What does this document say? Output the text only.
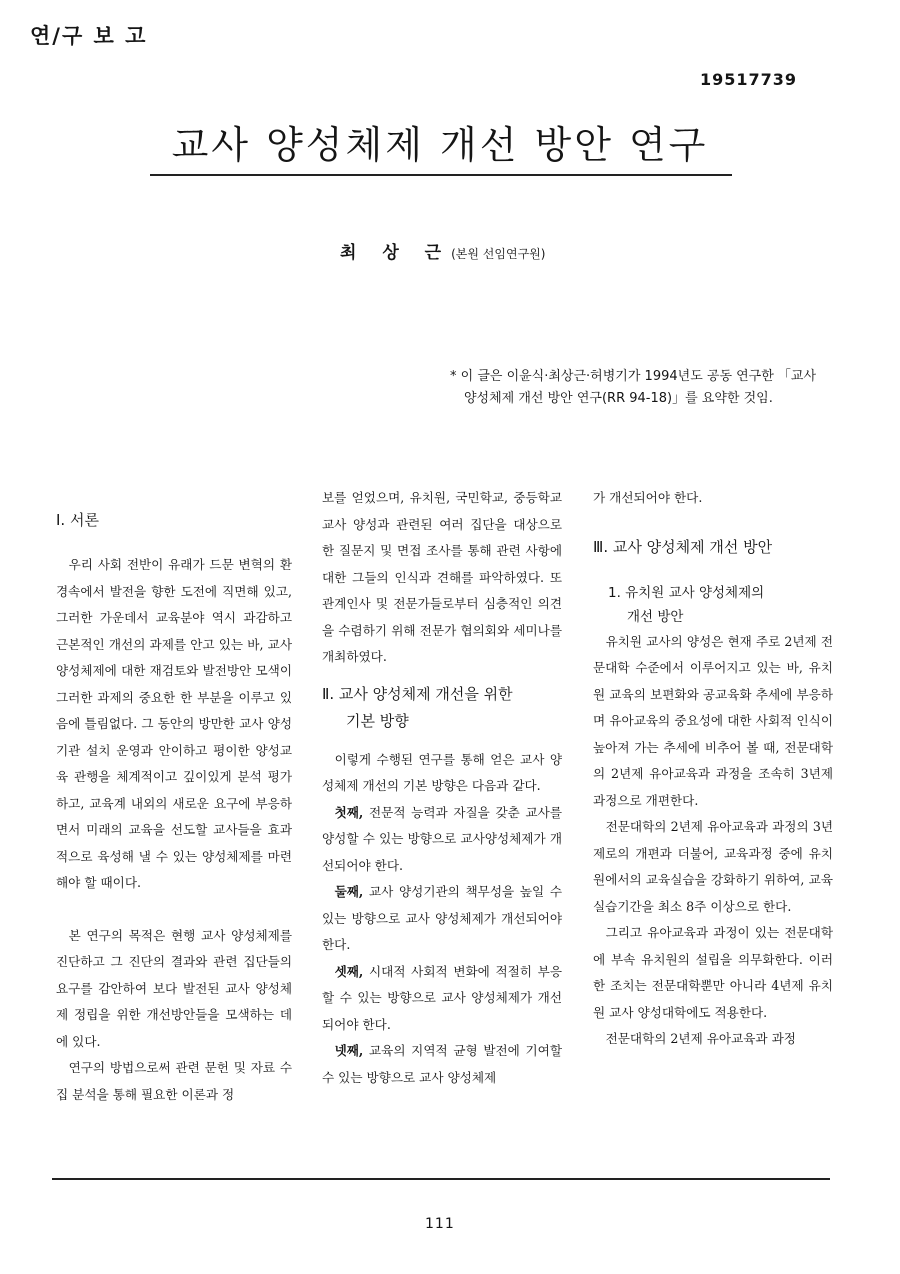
연/구 보 고
19517739
교사 양성체제 개선 방안 연구
최 상 근(본원 선임연구원)
* 이 글은 이윤식·최상근·허병기가 1994년도 공동 연구한 「교사
양성체제 개선 방안 연구(RR 94-18)」를 요약한 것임.

Ⅰ. 서론

우리 사회 전반이 유래가 드문 변혁의 환경속에서 발전을 향한 도전에 직면해 있고, 그러한 가운데서 교육분야 역시 과감하고 근본적인 개선의 과제를 안고 있는 바, 교사 양성체제에 대한 재검토와 발전방안 모색이 그러한 과제의 중요한 한 부분을 이루고 있음에 틀림없다. 그 동안의 방만한 교사 양성기관 설치 운영과 안이하고 평이한 양성교육 관행을 체계적이고 깊이있게 분석 평가하고, 교육계 내외의 새로운 요구에 부응하면서 미래의 교육을 선도할 교사들을 효과적으로 육성해 낼 수 있는 양성체제를 마련해야 할 때이다.

본 연구의 목적은 현행 교사 양성체제를 진단하고 그 진단의 결과와 관련 집단들의 요구를 감안하여 보다 발전된 교사 양성체제 정립을 위한 개선방안들을 모색하는 데에 있다.

연구의 방법으로써 관련 문헌 및 자료 수집 분석을 통해 필요한 이론과 정

보를 얻었으며, 유치원, 국민학교, 중등학교 교사 양성과 관련된 여러 집단을 대상으로 한 질문지 및 면접 조사를 통해 관련 사항에 대한 그들의 인식과 견해를 파악하였다. 또 관계인사 및 전문가들로부터 심층적인 의견을 수렴하기 위해 전문가 협의회와 세미나를 개최하였다.

Ⅱ. 교사 양성체제 개선을 위한

기본 방향

이렇게 수행된 연구를 통해 얻은 교사 양성체제 개선의 기본 방향은 다음과 같다.

첫째, 전문적 능력과 자질을 갖춘 교사를 양성할 수 있는 방향으로 교사양성체제가 개선되어야 한다.

둘째, 교사 양성기관의 책무성을 높일 수 있는 방향으로 교사 양성체제가 개선되어야 한다.

셋째, 시대적 사회적 변화에 적절히 부응할 수 있는 방향으로 교사 양성체제가 개선되어야 한다.

넷째, 교육의 지역적 균형 발전에 기여할 수 있는 방향으로 교사 양성체제

가 개선되어야 한다.

Ⅲ. 교사 양성체제 개선 방안

1. 유치원 교사 양성체제의

개선 방안

유치원 교사의 양성은 현재 주로 2년제 전문대학 수준에서 이루어지고 있는 바, 유치원 교육의 보편화와 공교육화 추세에 부응하며 유아교육의 중요성에 대한 사회적 인식이 높아져 가는 추세에 비추어 볼 때, 전문대학의 2년제 유아교육과 과정을 조속히 3년제 과정으로 개편한다.

전문대학의 2년제 유아교육과 과정의 3년제로의 개편과 더불어, 교육과정 중에 유치원에서의 교육실습을 강화하기 위하여, 교육실습기간을 최소 8주 이상으로 한다.

그리고 유아교육과 과정이 있는 전문대학에 부속 유치원의 설립을 의무화한다. 이러한 조치는 전문대학뿐만 아니라 4년제 유치원 교사 양성대학에도 적용한다.

전문대학의 2년제 유아교육과 과정

111
